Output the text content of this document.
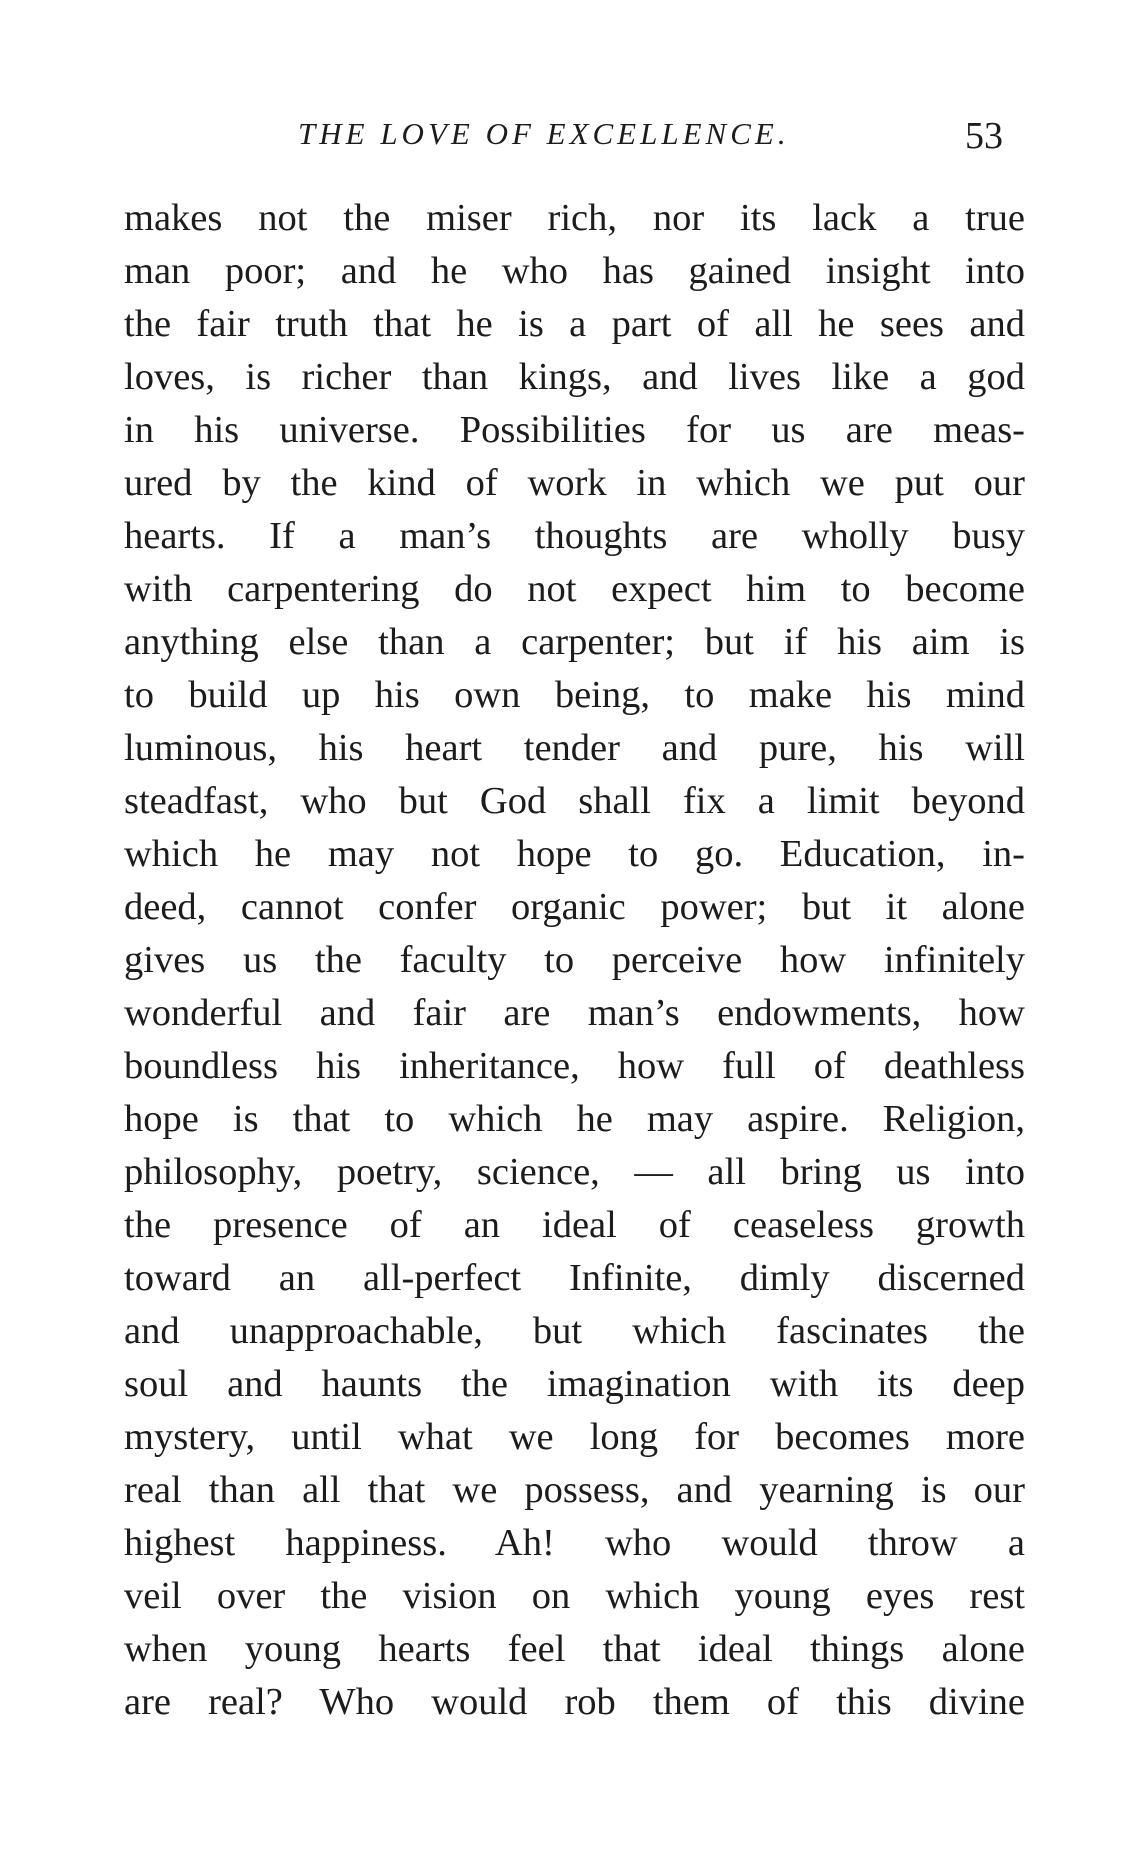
THE LOVE OF EXCELLENCE.	53
makes not the miser rich, nor its lack a true
man poor; and he who has gained insight into
the fair truth that he is a part of all he sees and
loves, is richer than kings, and lives like a god
in his universe. Possibilities for us are meas-
ured by the kind of work in which we put our
hearts. If a man’s thoughts are wholly busy
with carpentering do not expect him to become
anything else than a carpenter; but if his aim is
to build up his own being, to make his mind
luminous, his heart tender and pure, his will
steadfast, who but God shall fix a limit beyond
which he may not hope to go. Education, in-
deed, cannot confer organic power; but it alone
gives us the faculty to perceive how infinitely
wonderful and fair are man’s endowments, how
boundless his inheritance, how full of deathless
hope is that to which he may aspire. Religion,
philosophy, poetry, science, — all bring us into
the presence of an ideal of ceaseless growth
toward an all-perfect Infinite, dimly discerned
and unapproachable, but which fascinates the
soul and haunts the imagination with its deep
mystery, until what we long for becomes more
real than all that we possess, and yearning is our
highest happiness. Ah! who would throw a
veil over the vision on which young eyes rest
when young hearts feel that ideal things alone
are real? Who would rob them of this divine
